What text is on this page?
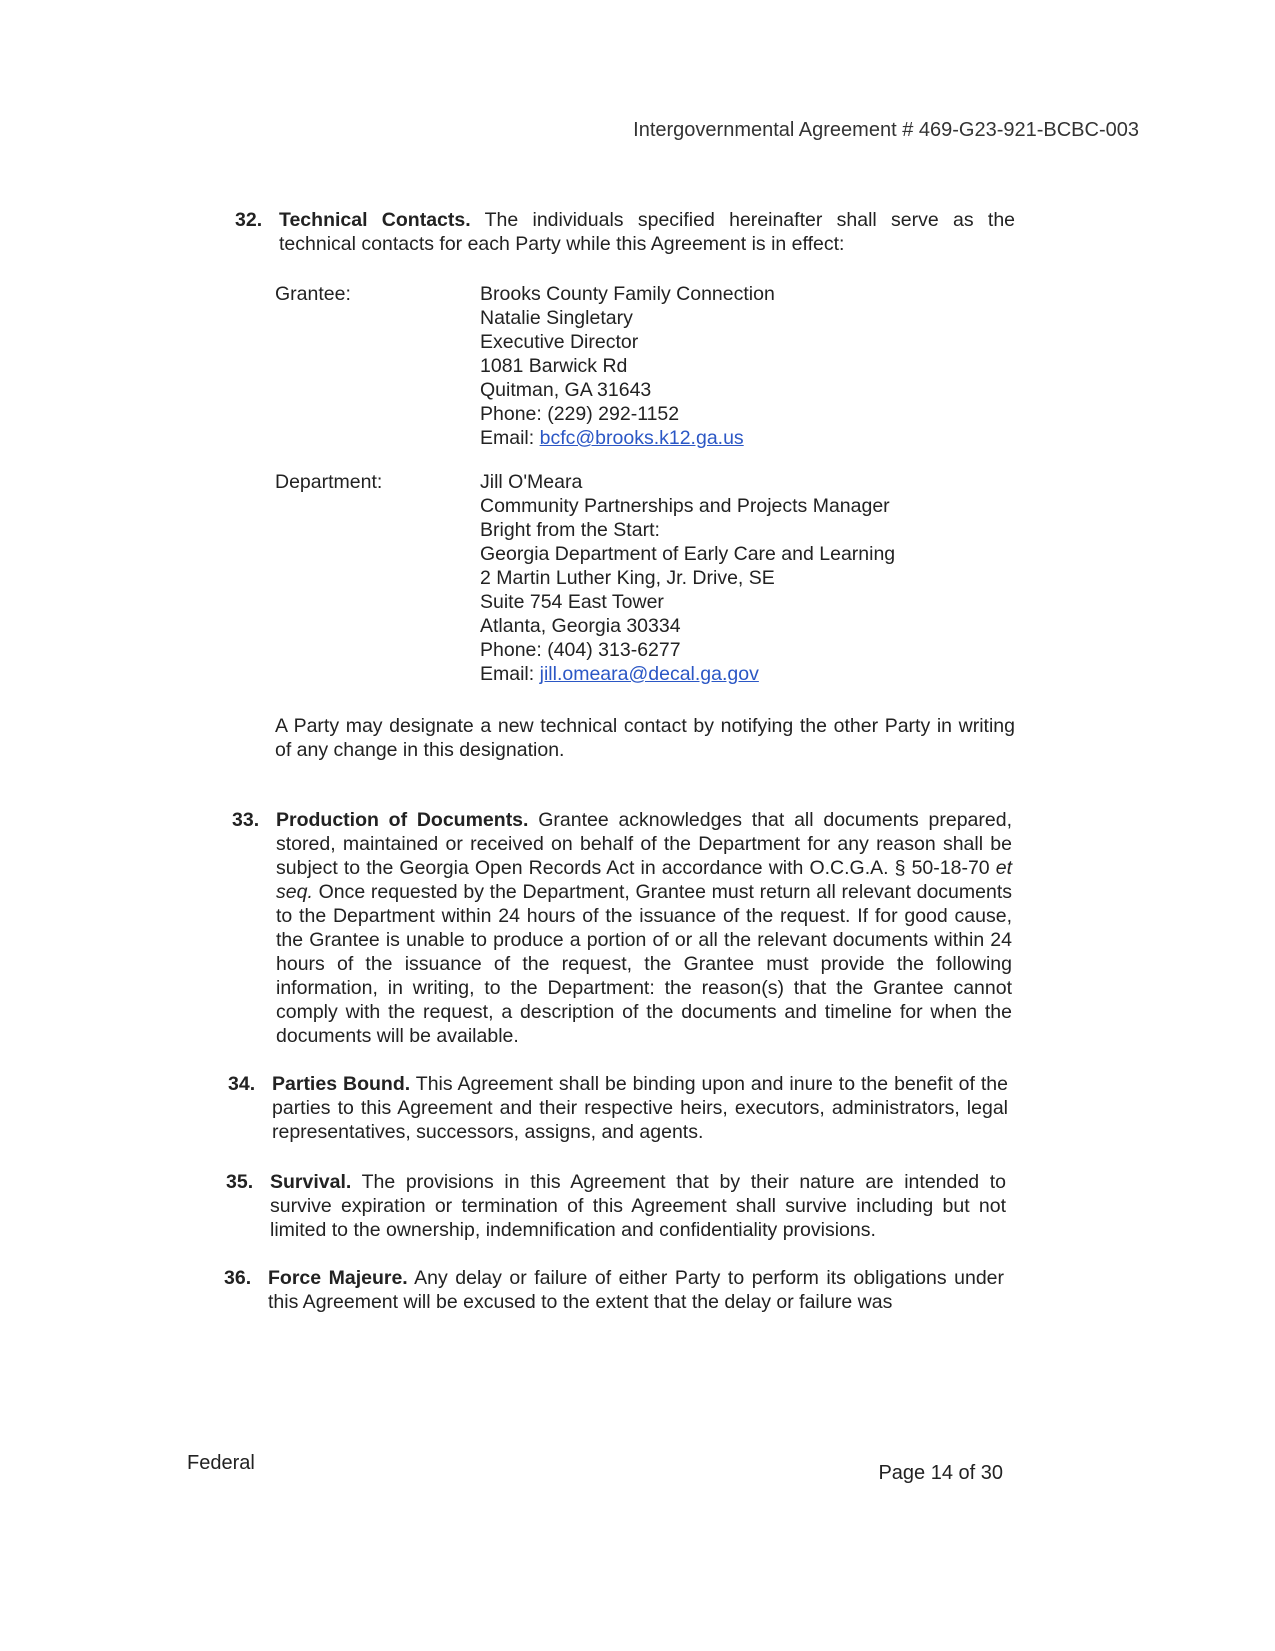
Intergovernmental Agreement # 469-G23-921-BCBC-003
32. Technical Contacts. The individuals specified hereinafter shall serve as the technical contacts for each Party while this Agreement is in effect:
Grantee:	Brooks County Family Connection
Natalie Singletary
Executive Director
1081 Barwick Rd
Quitman, GA 31643
Phone: (229) 292-1152
Email: bcfc@brooks.k12.ga.us
Department:	Jill O'Meara
Community Partnerships and Projects Manager
Bright from the Start:
Georgia Department of Early Care and Learning
2 Martin Luther King, Jr. Drive, SE
Suite 754 East Tower
Atlanta, Georgia 30334
Phone: (404) 313-6277
Email: jill.omeara@decal.ga.gov
A Party may designate a new technical contact by notifying the other Party in writing of any change in this designation.
33. Production of Documents. Grantee acknowledges that all documents prepared, stored, maintained or received on behalf of the Department for any reason shall be subject to the Georgia Open Records Act in accordance with O.C.G.A. § 50-18-70 et seq. Once requested by the Department, Grantee must return all relevant documents to the Department within 24 hours of the issuance of the request. If for good cause, the Grantee is unable to produce a portion of or all the relevant documents within 24 hours of the issuance of the request, the Grantee must provide the following information, in writing, to the Department: the reason(s) that the Grantee cannot comply with the request, a description of the documents and timeline for when the documents will be available.
34. Parties Bound. This Agreement shall be binding upon and inure to the benefit of the parties to this Agreement and their respective heirs, executors, administrators, legal representatives, successors, assigns, and agents.
35. Survival. The provisions in this Agreement that by their nature are intended to survive expiration or termination of this Agreement shall survive including but not limited to the ownership, indemnification and confidentiality provisions.
36. Force Majeure. Any delay or failure of either Party to perform its obligations under this Agreement will be excused to the extent that the delay or failure was
Federal	Page 14 of 30
